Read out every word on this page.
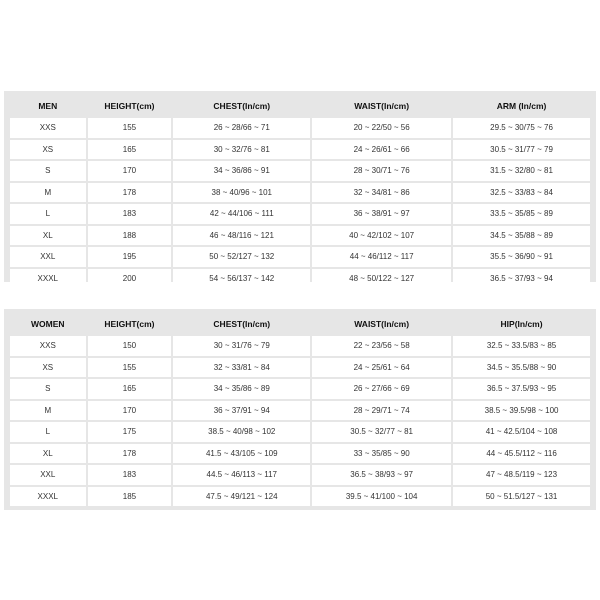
MEN	HEIGHT(cm)	CHEST(In/cm)	WAIST(In/cm)	ARM (In/cm)
XXS	155	26 ~ 28/66 ~ 71	20 ~ 22/50 ~ 56	29.5 ~ 30/75 ~ 76
XS	165	30 ~ 32/76 ~ 81	24 ~ 26/61 ~ 66	30.5 ~ 31/77 ~ 79
S	170	34 ~ 36/86 ~ 91	28 ~ 30/71 ~ 76	31.5 ~ 32/80 ~ 81
M	178	38 ~ 40/96 ~ 101	32 ~ 34/81 ~ 86	32.5 ~ 33/83 ~ 84
L	183	42 ~ 44/106 ~ 111	36 ~ 38/91 ~ 97	33.5 ~ 35/85 ~ 89
XL	188	46 ~ 48/116 ~ 121	40 ~ 42/102 ~ 107	34.5 ~ 35/88 ~ 89
XXL	195	50 ~ 52/127 ~ 132	44 ~ 46/112 ~ 117	35.5 ~ 36/90 ~ 91
XXXL	200	54 ~ 56/137 ~ 142	48 ~ 50/122 ~ 127	36.5 ~ 37/93 ~ 94
WOMEN	HEIGHT(cm)	CHEST(In/cm)	WAIST(In/cm)	HIP(In/cm)
XXS	150	30 ~ 31/76 ~ 79	22 ~ 23/56 ~ 58	32.5 ~ 33.5/83 ~ 85
XS	155	32 ~ 33/81 ~ 84	24 ~ 25/61 ~ 64	34.5 ~ 35.5/88 ~ 90
S	165	34 ~ 35/86 ~ 89	26 ~ 27/66 ~ 69	36.5 ~ 37.5/93 ~ 95
M	170	36 ~ 37/91 ~ 94	28 ~ 29/71 ~ 74	38.5 ~ 39.5/98 ~ 100
L	175	38.5 ~ 40/98 ~ 102	30.5 ~ 32/77 ~ 81	41 ~ 42.5/104 ~ 108
XL	178	41.5 ~ 43/105 ~ 109	33 ~ 35/85 ~ 90	44 ~ 45.5/112 ~ 116
XXL	183	44.5 ~ 46/113 ~ 117	36.5 ~ 38/93 ~ 97	47 ~ 48.5/119 ~ 123
XXXL	185	47.5 ~ 49/121 ~ 124	39.5 ~ 41/100 ~ 104	50 ~ 51.5/127 ~ 131
